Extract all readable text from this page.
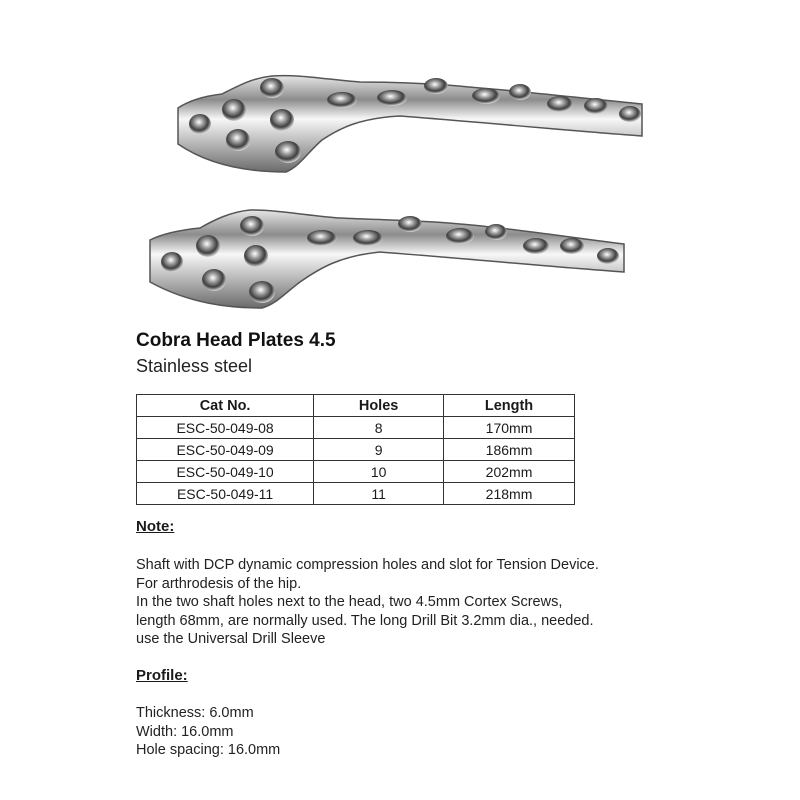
Cobra Head Plates 4.5
Stainless steel
Cat No.	Holes	Length
ESC-50-049-08	8	170mm
ESC-50-049-09	9	186mm
ESC-50-049-10	10	202mm
ESC-50-049-11	11	218mm
Note:
Shaft with DCP dynamic compression holes and slot for Tension Device.
For arthrodesis of the hip.
In the two shaft holes next to the head, two 4.5mm Cortex Screws,
length 68mm, are normally used. The long Drill Bit 3.2mm dia., needed.
use the Universal Drill Sleeve
Profile:
Thickness: 6.0mm
Width: 16.0mm
Hole spacing: 16.0mm
